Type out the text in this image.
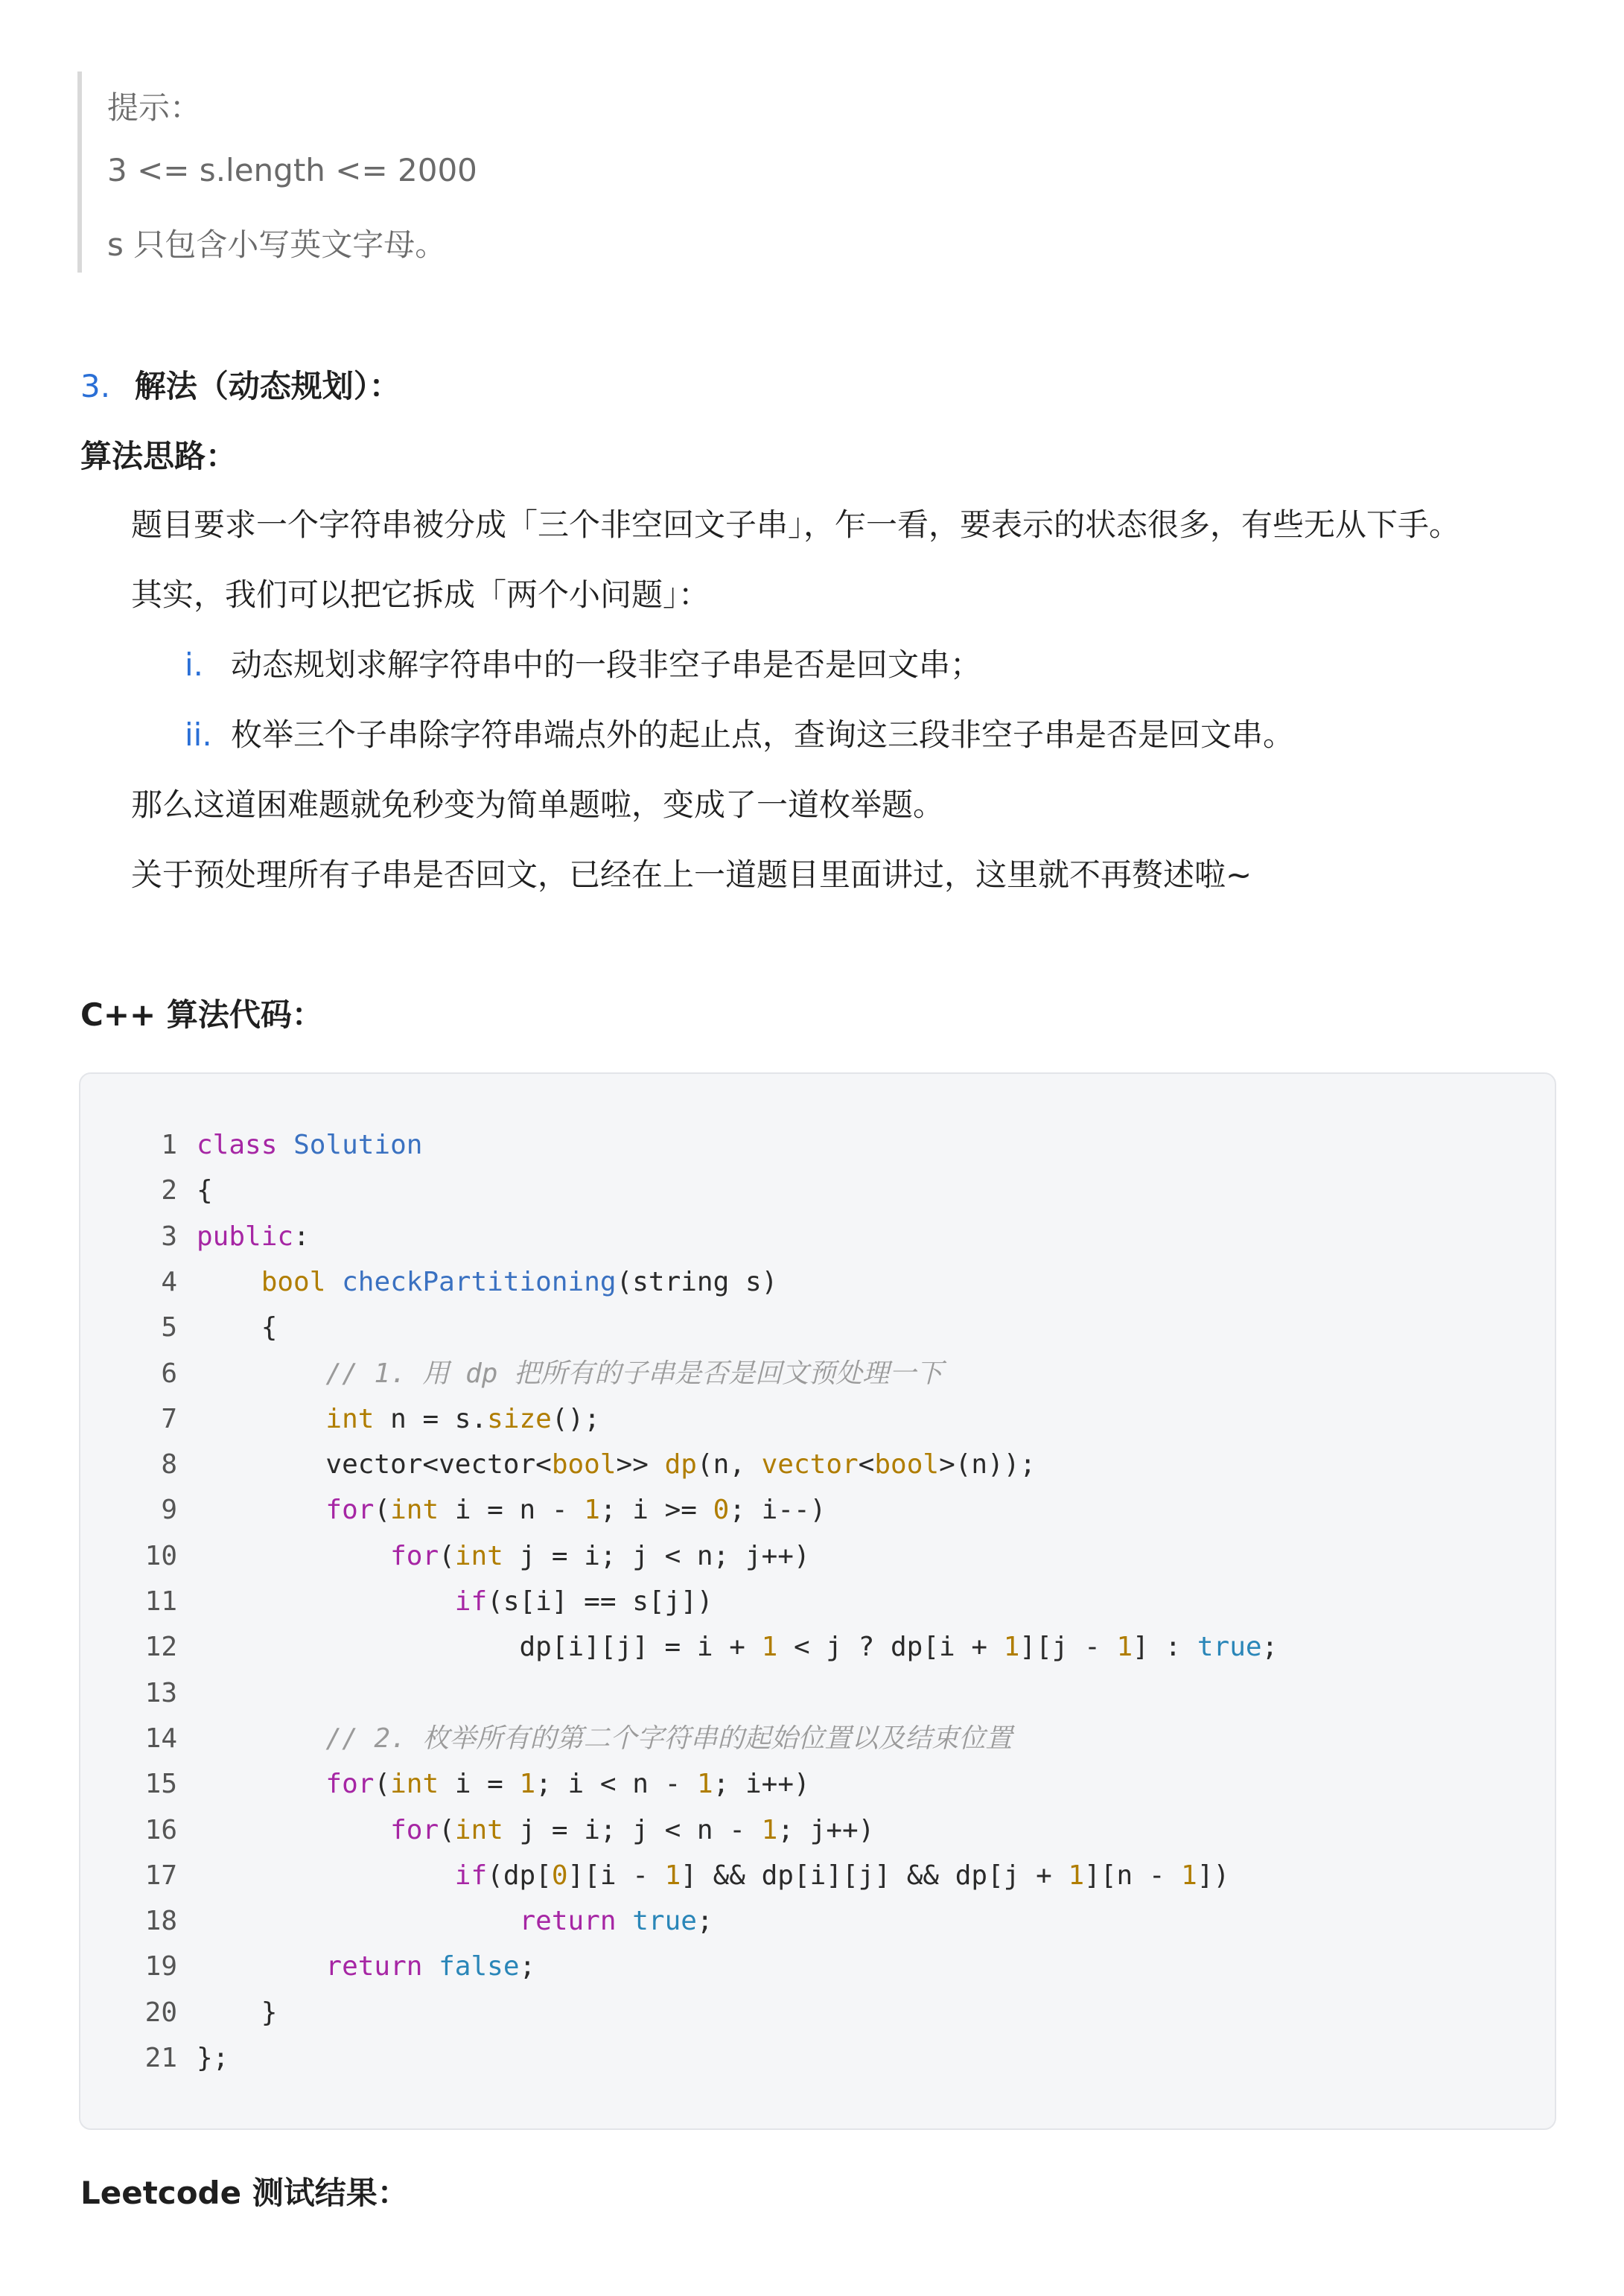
提示：
3 <= s.length <= 2000
s 只包含小写英文字母。
3. 解法（动态规划）：
算法思路：
题目要求一个字符串被分成「三个非空回文子串」，乍一看，要表示的状态很多，有些无从下手。
其实，我们可以把它拆成「两个小问题」：
i. 动态规划求解字符串中的一段非空子串是否是回文串；
ii. 枚举三个子串除字符串端点外的起止点，查询这三段非空子串是否是回文串。
那么这道困难题就免秒变为简单题啦，变成了一道枚举题。
关于预处理所有子串是否回文，已经在上一道题目里面讲过，这里就不再赘述啦~
C++ 算法代码：
1 class Solution
2 {
3 public:
4	bool checkPartitioning(string s)
5    {
6	// 1. 用 dp 把所有的子串是否是回文预处理一下
7	int n = s.size();
8        vector<vector<bool>> dp(n, vector<bool>(n));
9	for(int i = n - 1; i >= 0; i--)
10	for(int j = i; j < n; j++)
11	if(s[i] == s[j])
12                    dp[i][j] = i + 1 < j ? dp[i + 1][j - 1] : true;
13
14	// 2. 枚举所有的第二个字符串的起始位置以及结束位置
15	for(int i = 1; i < n - 1; i++)
16	for(int j = i; j < n - 1; j++)
17	if(dp[0][i - 1] && dp[i][j] && dp[j + 1][n - 1])
18	return true;
19	return false;
20    }
21 };
Leetcode 测试结果：
